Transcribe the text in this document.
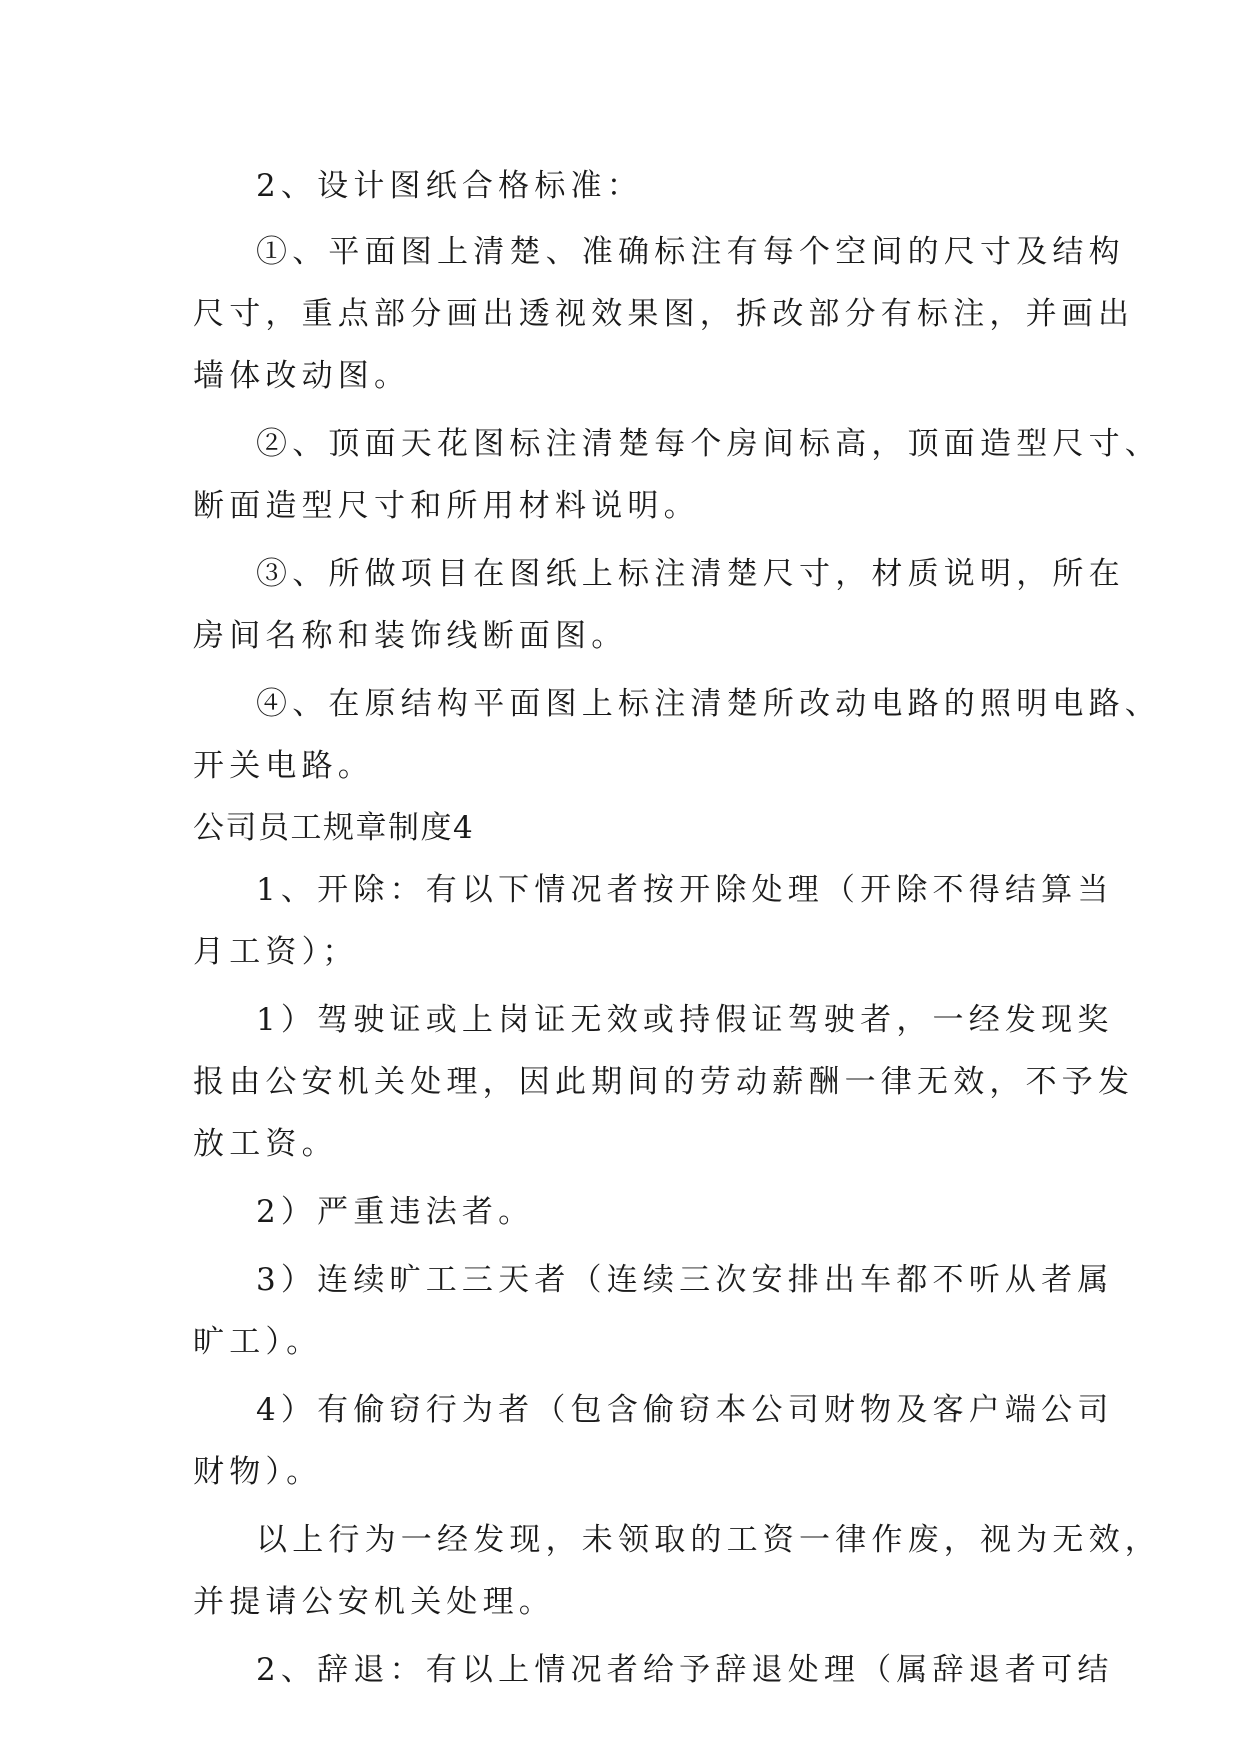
2、设计图纸合格标准：
①、平面图上清楚、准确标注有每个空间的尺寸及结构
尺寸，重点部分画出透视效果图，拆改部分有标注，并画出
墙体改动图。
②、顶面天花图标注清楚每个房间标高，顶面造型尺寸、
断面造型尺寸和所用材料说明。
③、所做项目在图纸上标注清楚尺寸，材质说明，所在
房间名称和装饰线断面图。
④、在原结构平面图上标注清楚所改动电路的照明电路、
开关电路。
公司员工规章制度4
1、开除：有以下情况者按开除处理（开除不得结算当
月工资）；
1）驾驶证或上岗证无效或持假证驾驶者，一经发现奖
报由公安机关处理，因此期间的劳动薪酬一律无效，不予发
放工资。
2）严重违法者。
3）连续旷工三天者（连续三次安排出车都不听从者属
旷工）。
4）有偷窃行为者（包含偷窃本公司财物及客户端公司
财物）。
以上行为一经发现，未领取的工资一律作废，视为无效，
并提请公安机关处理。
2、辞退：有以上情况者给予辞退处理（属辞退者可结
